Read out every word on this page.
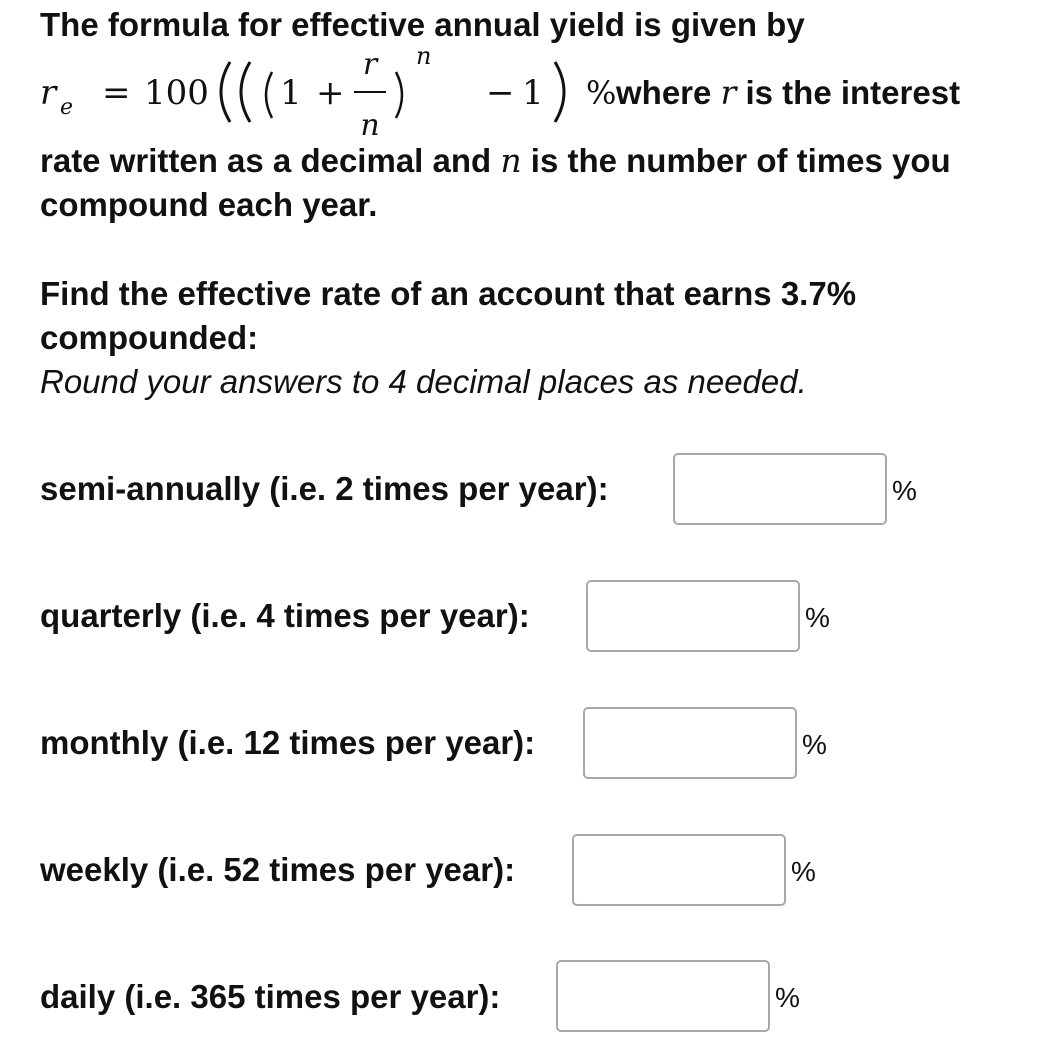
The formula for effective annual yield is given by
r e = 100 1 +
r
n
n
− 1 % where r is the interest
rate written as a decimal and n is the number of times you
compound each year.
Find the effective rate of an account that earns 3.7%
compounded:
Round your answers to 4 decimal places as needed.
semi-annually (i.e. 2 times per year):	%
quarterly (i.e. 4 times per year):	%
monthly (i.e. 12 times per year):	%
weekly (i.e. 52 times per year):	%
daily (i.e. 365 times per year):	%
